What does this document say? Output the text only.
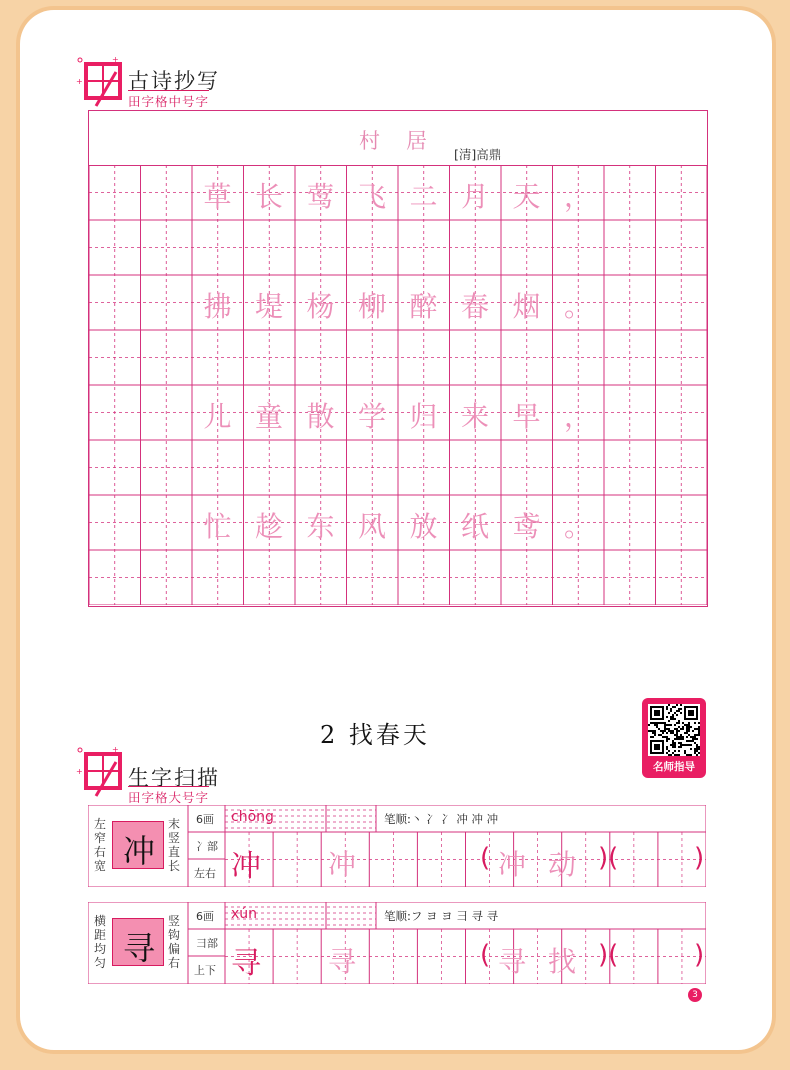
+
+ 古诗抄写
田字格中号字
村居
[清]高鼎
草 长 莺 飞 二 月 天 ，
拂 堤 杨 柳 醉 春 烟 。
儿 童 散 学 归 来 早 ，
忙 趁 东 风 放 纸 鸢 。
2 找春天
名师指导
+
+ 生字扫描
田字格大号字
左窄右宽 冲
末竖直长
6画
冫部
左右
chōng	笔顺:丶 冫 冫 冲 冲 冲
冲 冲	( 冲 动 )(	)
横距均匀 寻
竖钩偏右
6画
彐部
上下
xún	笔顺:フ ヨ ヨ 彐 寻 寻
寻 寻	( 寻 找 )(	)
3
